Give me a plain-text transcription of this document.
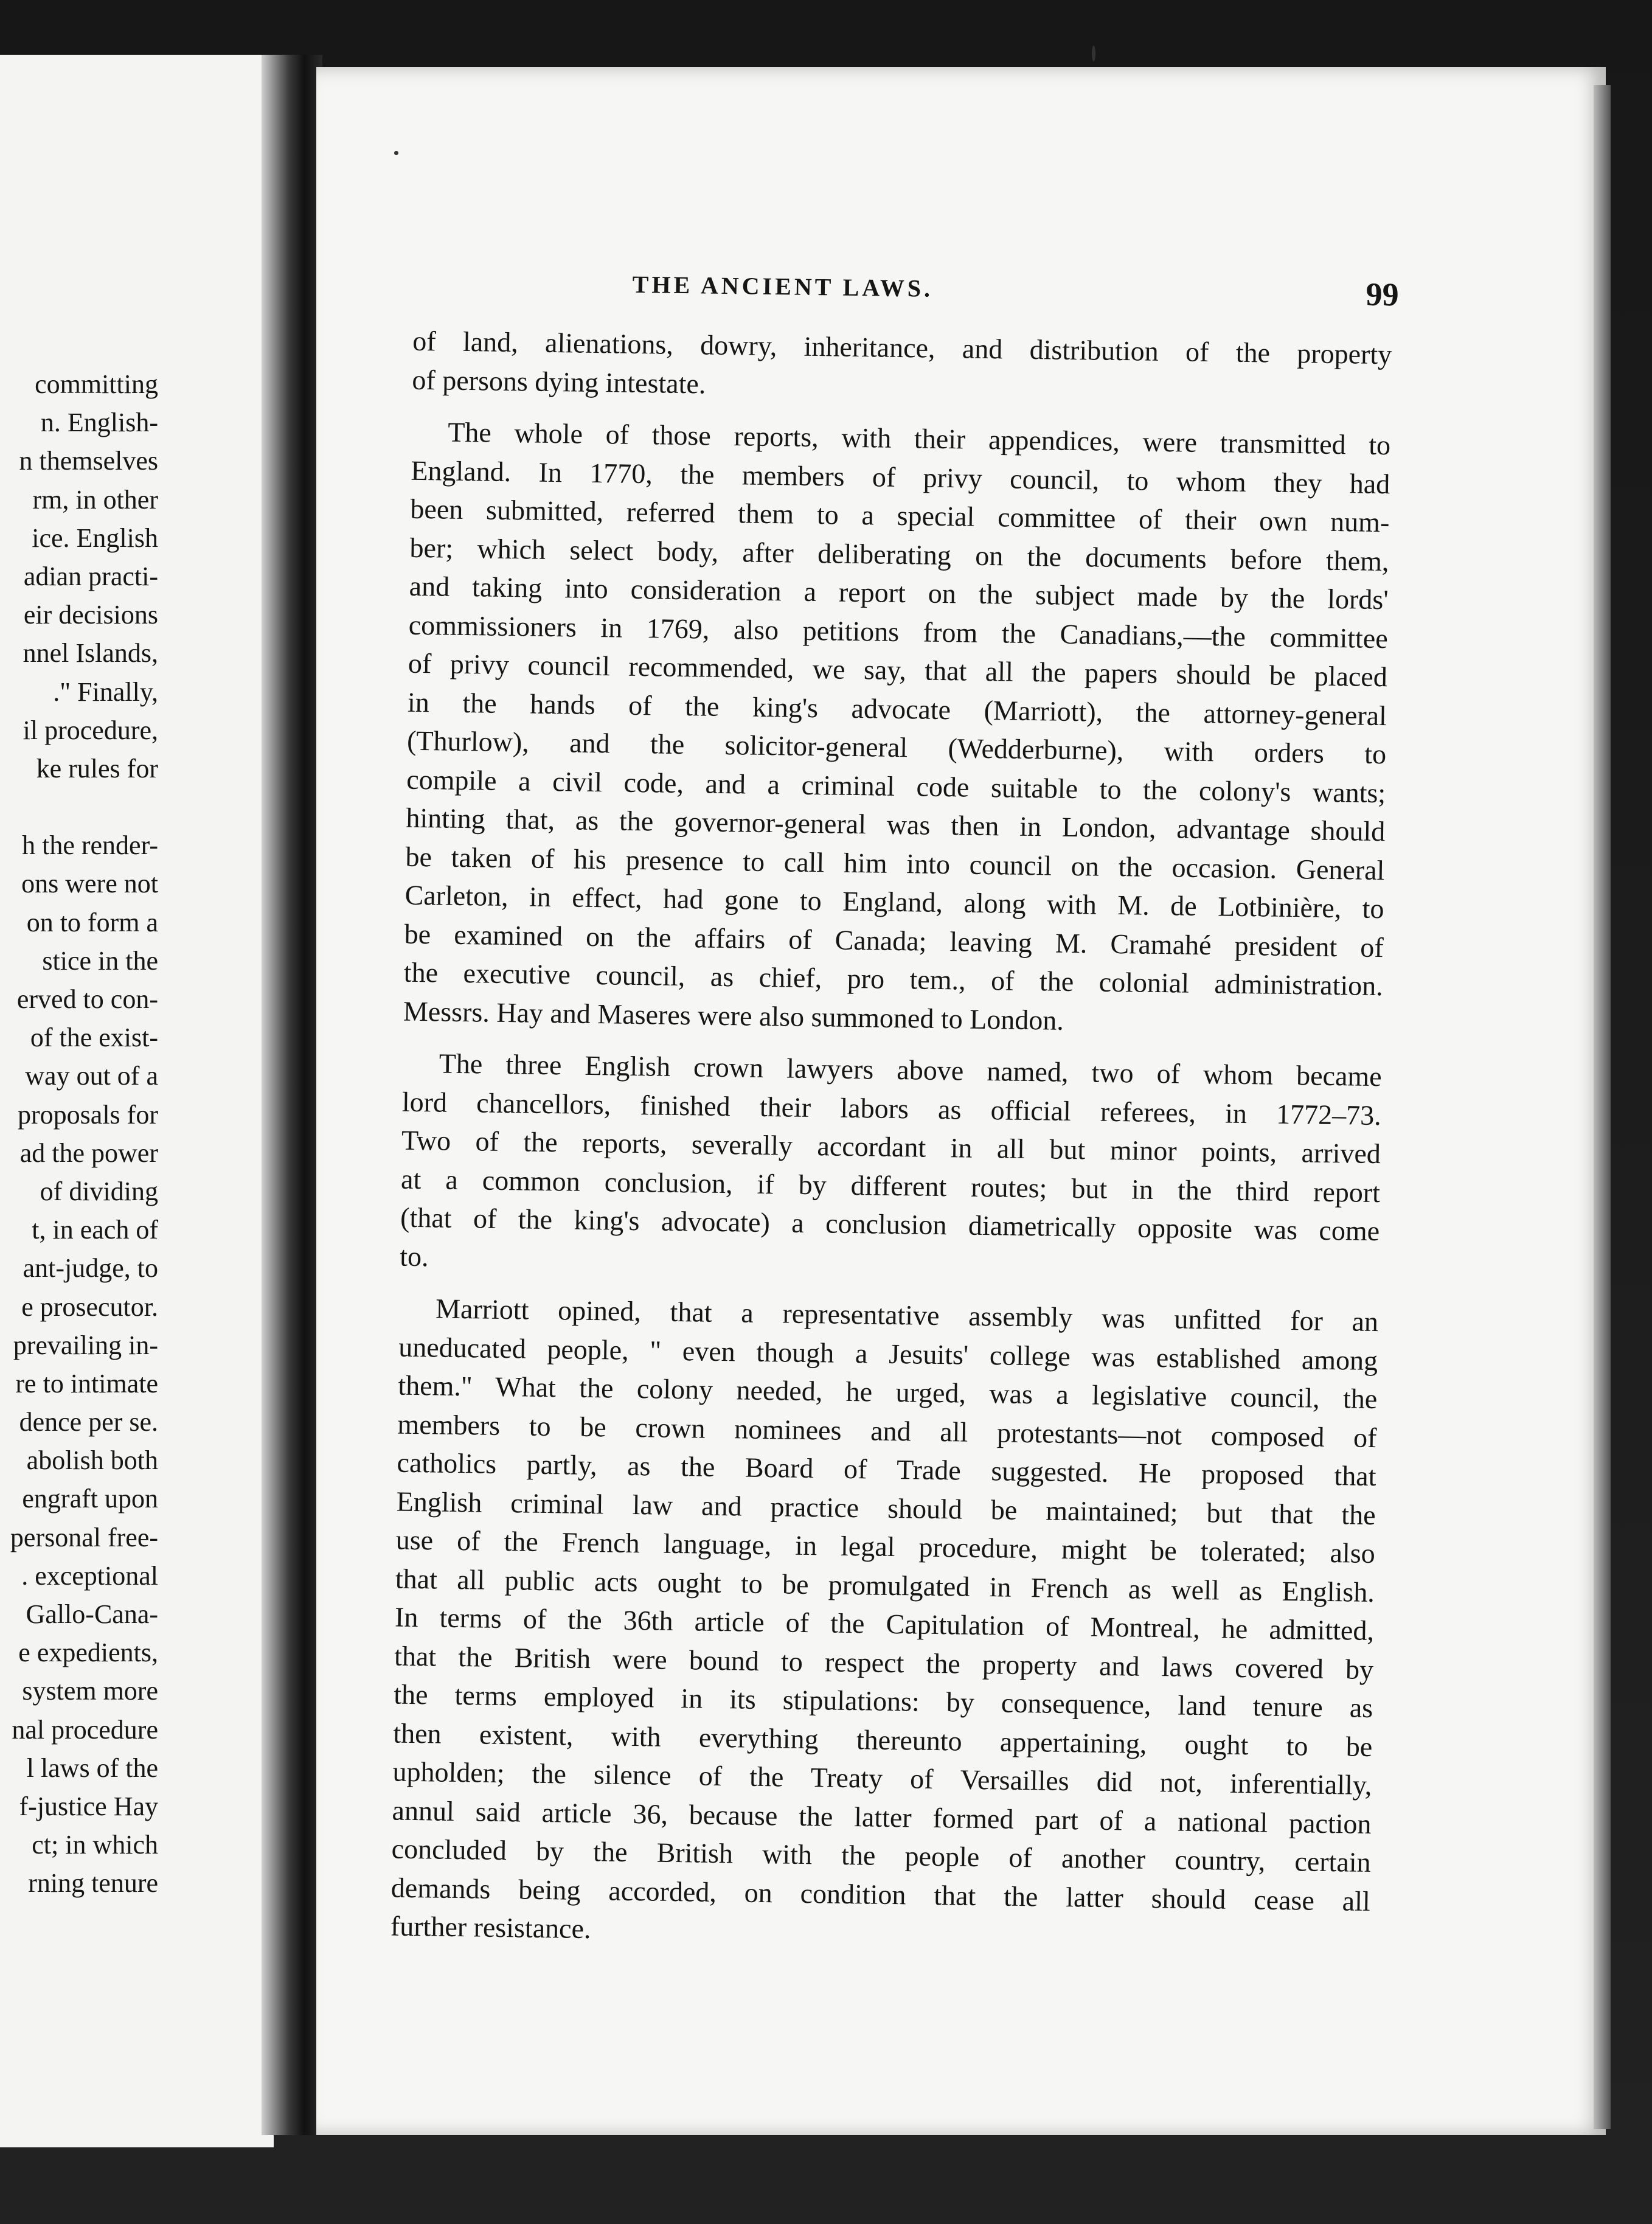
committing
n. English-
n themselves
rm, in other
ice. English
adian practi-
eir decisions
nnel Islands,
." Finally,
il procedure,
ke rules for
h the render-
ons were not
on to form a
stice in the
erved to con-
of the exist-
way out of a
proposals for
ad the power
of dividing
t, in each of
ant-judge, to
e prosecutor.
prevailing in-
re to intimate
dence per se.
abolish both
engraft upon
personal free-
. exceptional
Gallo-Cana-
e expedients,
system more
nal procedure
l laws of the
f-justice Hay
ct; in which
rning tenure
THE ANCIENT LAWS.	99

of land, alienations, dowry, inheritance, and distribution of the property
of persons dying intestate.

The whole of those reports, with their appendices, were transmitted to
England. In 1770, the members of privy council, to whom they had
been submitted, referred them to a special committee of their own num-
ber; which select body, after deliberating on the documents before them,
and taking into consideration a report on the subject made by the lords'
commissioners in 1769, also petitions from the Canadians,—the committee
of privy council recommended, we say, that all the papers should be placed
in the hands of the king's advocate (Marriott), the attorney-general
(Thurlow), and the solicitor-general (Wedderburne), with orders to
compile a civil code, and a criminal code suitable to the colony's wants;
hinting that, as the governor-general was then in London, advantage should
be taken of his presence to call him into council on the occasion. General
Carleton, in effect, had gone to England, along with M. de Lotbinière, to
be examined on the affairs of Canada; leaving M. Cramahé president of
the executive council, as chief, pro tem., of the colonial administration.
Messrs. Hay and Maseres were also summoned to London.

The three English crown lawyers above named, two of whom became
lord chancellors, finished their labors as official referees, in 1772–73.
Two of the reports, severally accordant in all but minor points, arrived
at a common conclusion, if by different routes; but in the third report
(that of the king's advocate) a conclusion diametrically opposite was come
to.

Marriott opined, that a representative assembly was unfitted for an
uneducated people, " even though a Jesuits' college was established among
them." What the colony needed, he urged, was a legislative council, the
members to be crown nominees and all protestants—not composed of
catholics partly, as the Board of Trade suggested. He proposed that
English criminal law and practice should be maintained; but that the
use of the French language, in legal procedure, might be tolerated; also
that all public acts ought to be promulgated in French as well as English.
In terms of the 36th article of the Capitulation of Montreal, he admitted,
that the British were bound to respect the property and laws covered by
the terms employed in its stipulations: by consequence, land tenure as
then existent, with everything thereunto appertaining, ought to be
upholden; the silence of the Treaty of Versailles did not, inferentially,
annul said article 36, because the latter formed part of a national paction
concluded by the British with the people of another country, certain
demands being accorded, on condition that the latter should cease all
further resistance.
